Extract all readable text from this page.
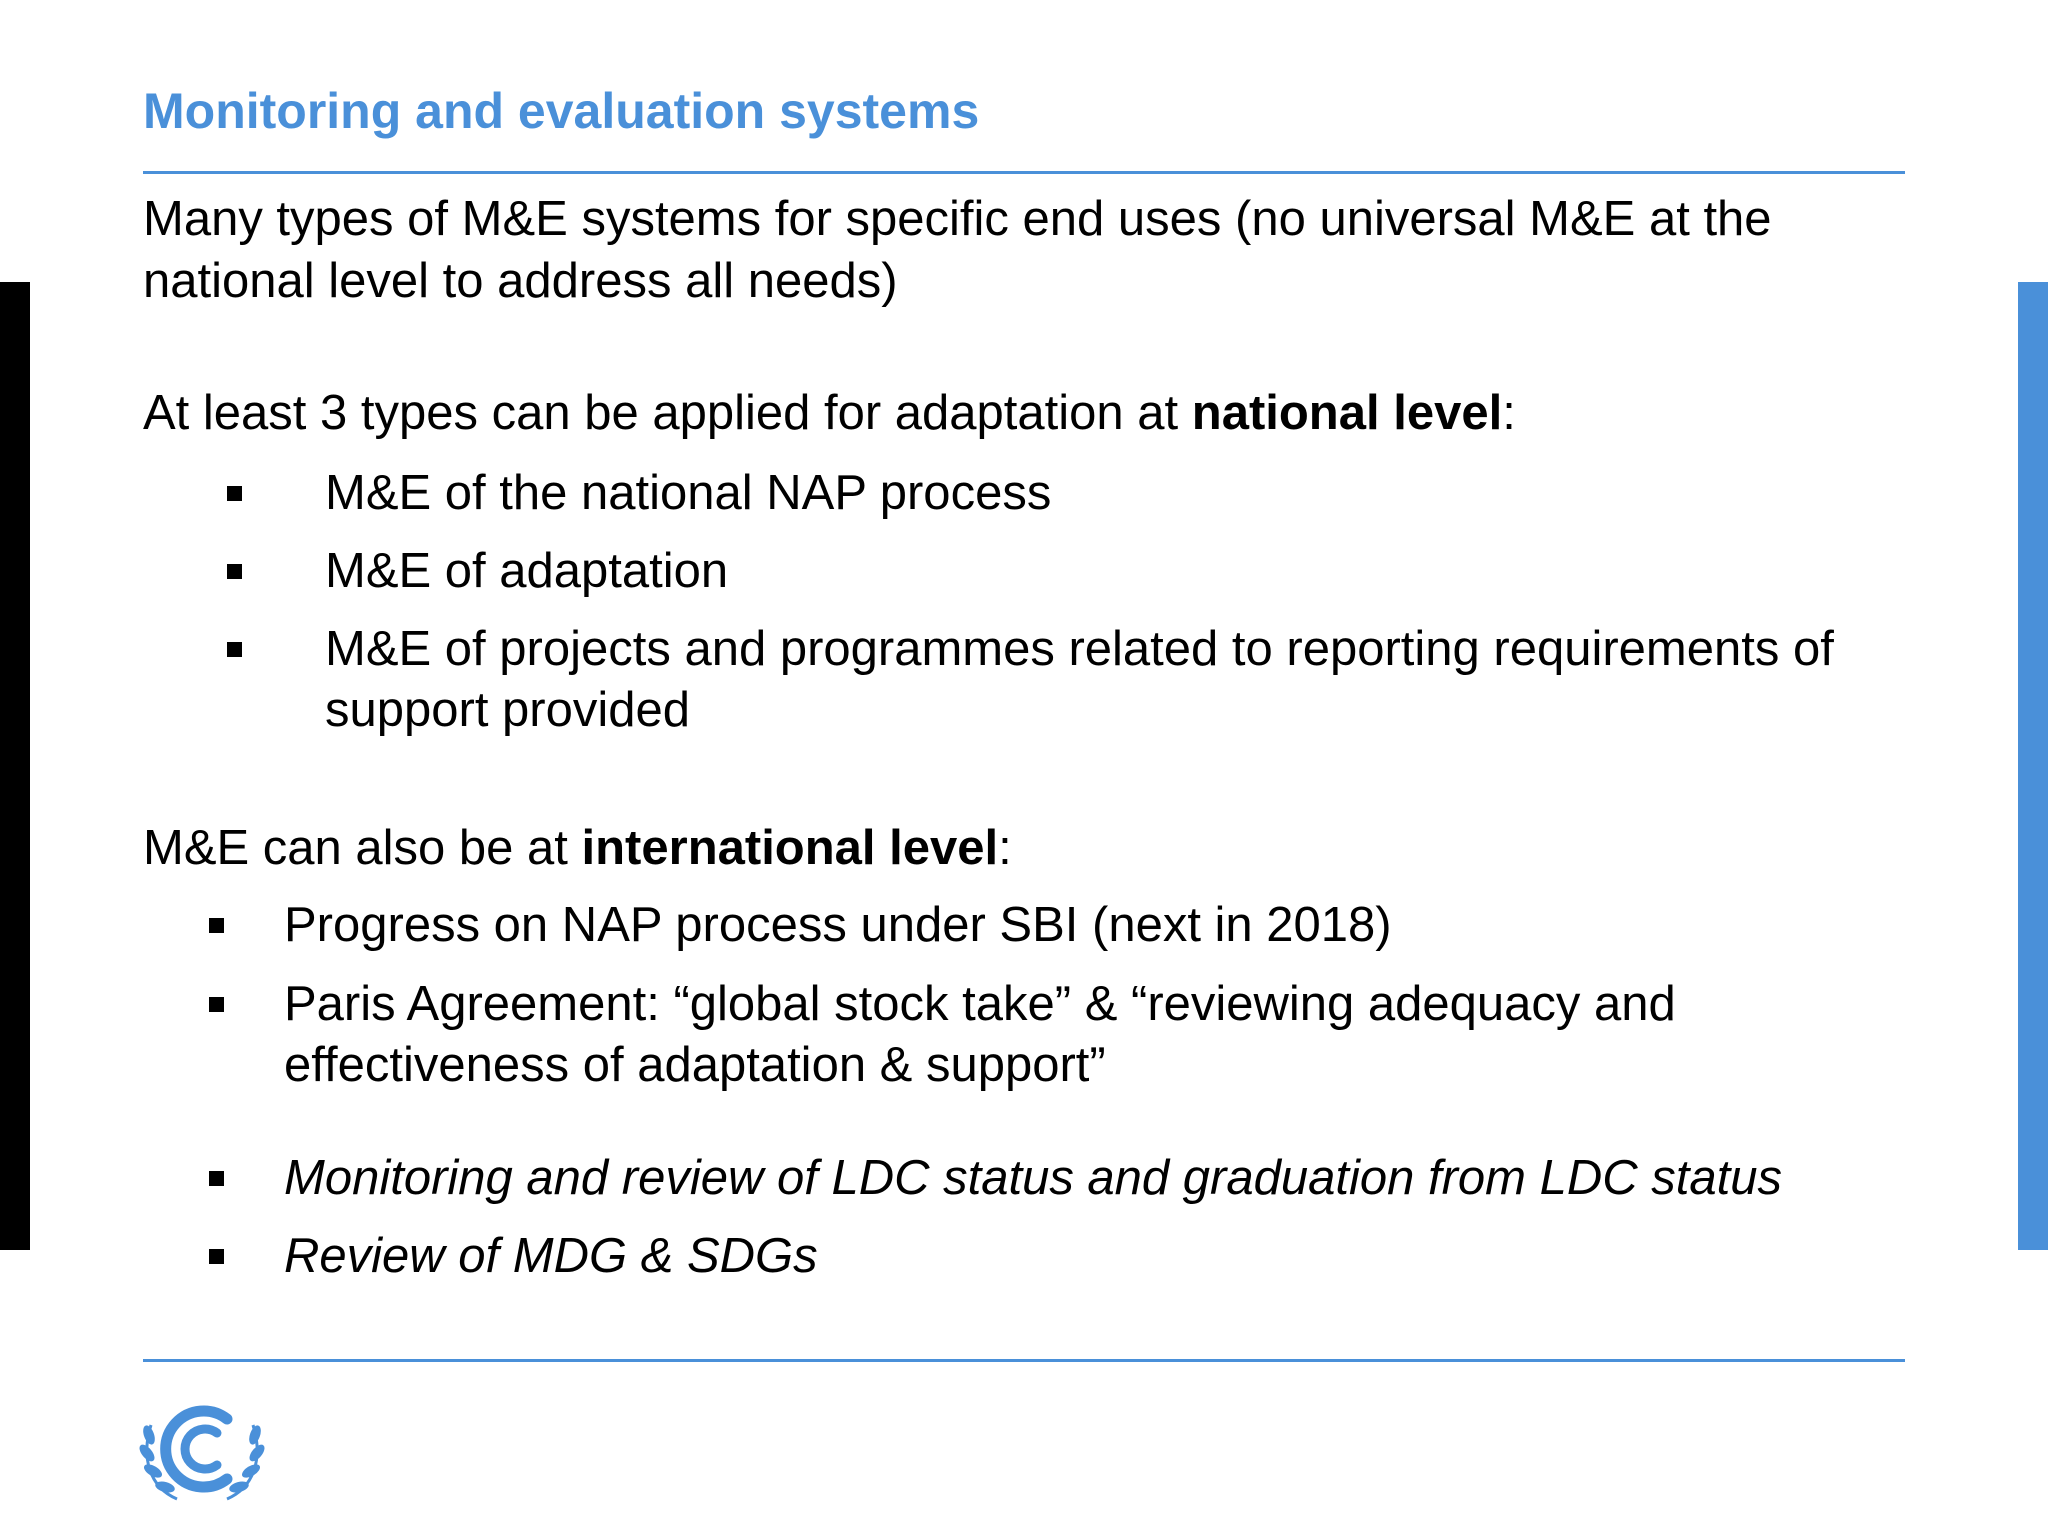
Monitoring and evaluation systems
Many types of M&E systems for specific end uses (no universal M&E at the
national level to address all needs)
At least 3 types can be applied for adaptation at national level:
M&E of the national NAP process
M&E of adaptation
M&E of projects and programmes related to reporting requirements of
support provided
M&E can also be at international level:
Progress on NAP process under SBI (next in 2018)
Paris Agreement: “global stock take” & “reviewing adequacy and
effectiveness of adaptation & support”
Monitoring and review of LDC status and graduation from LDC status
Review of MDG & SDGs
